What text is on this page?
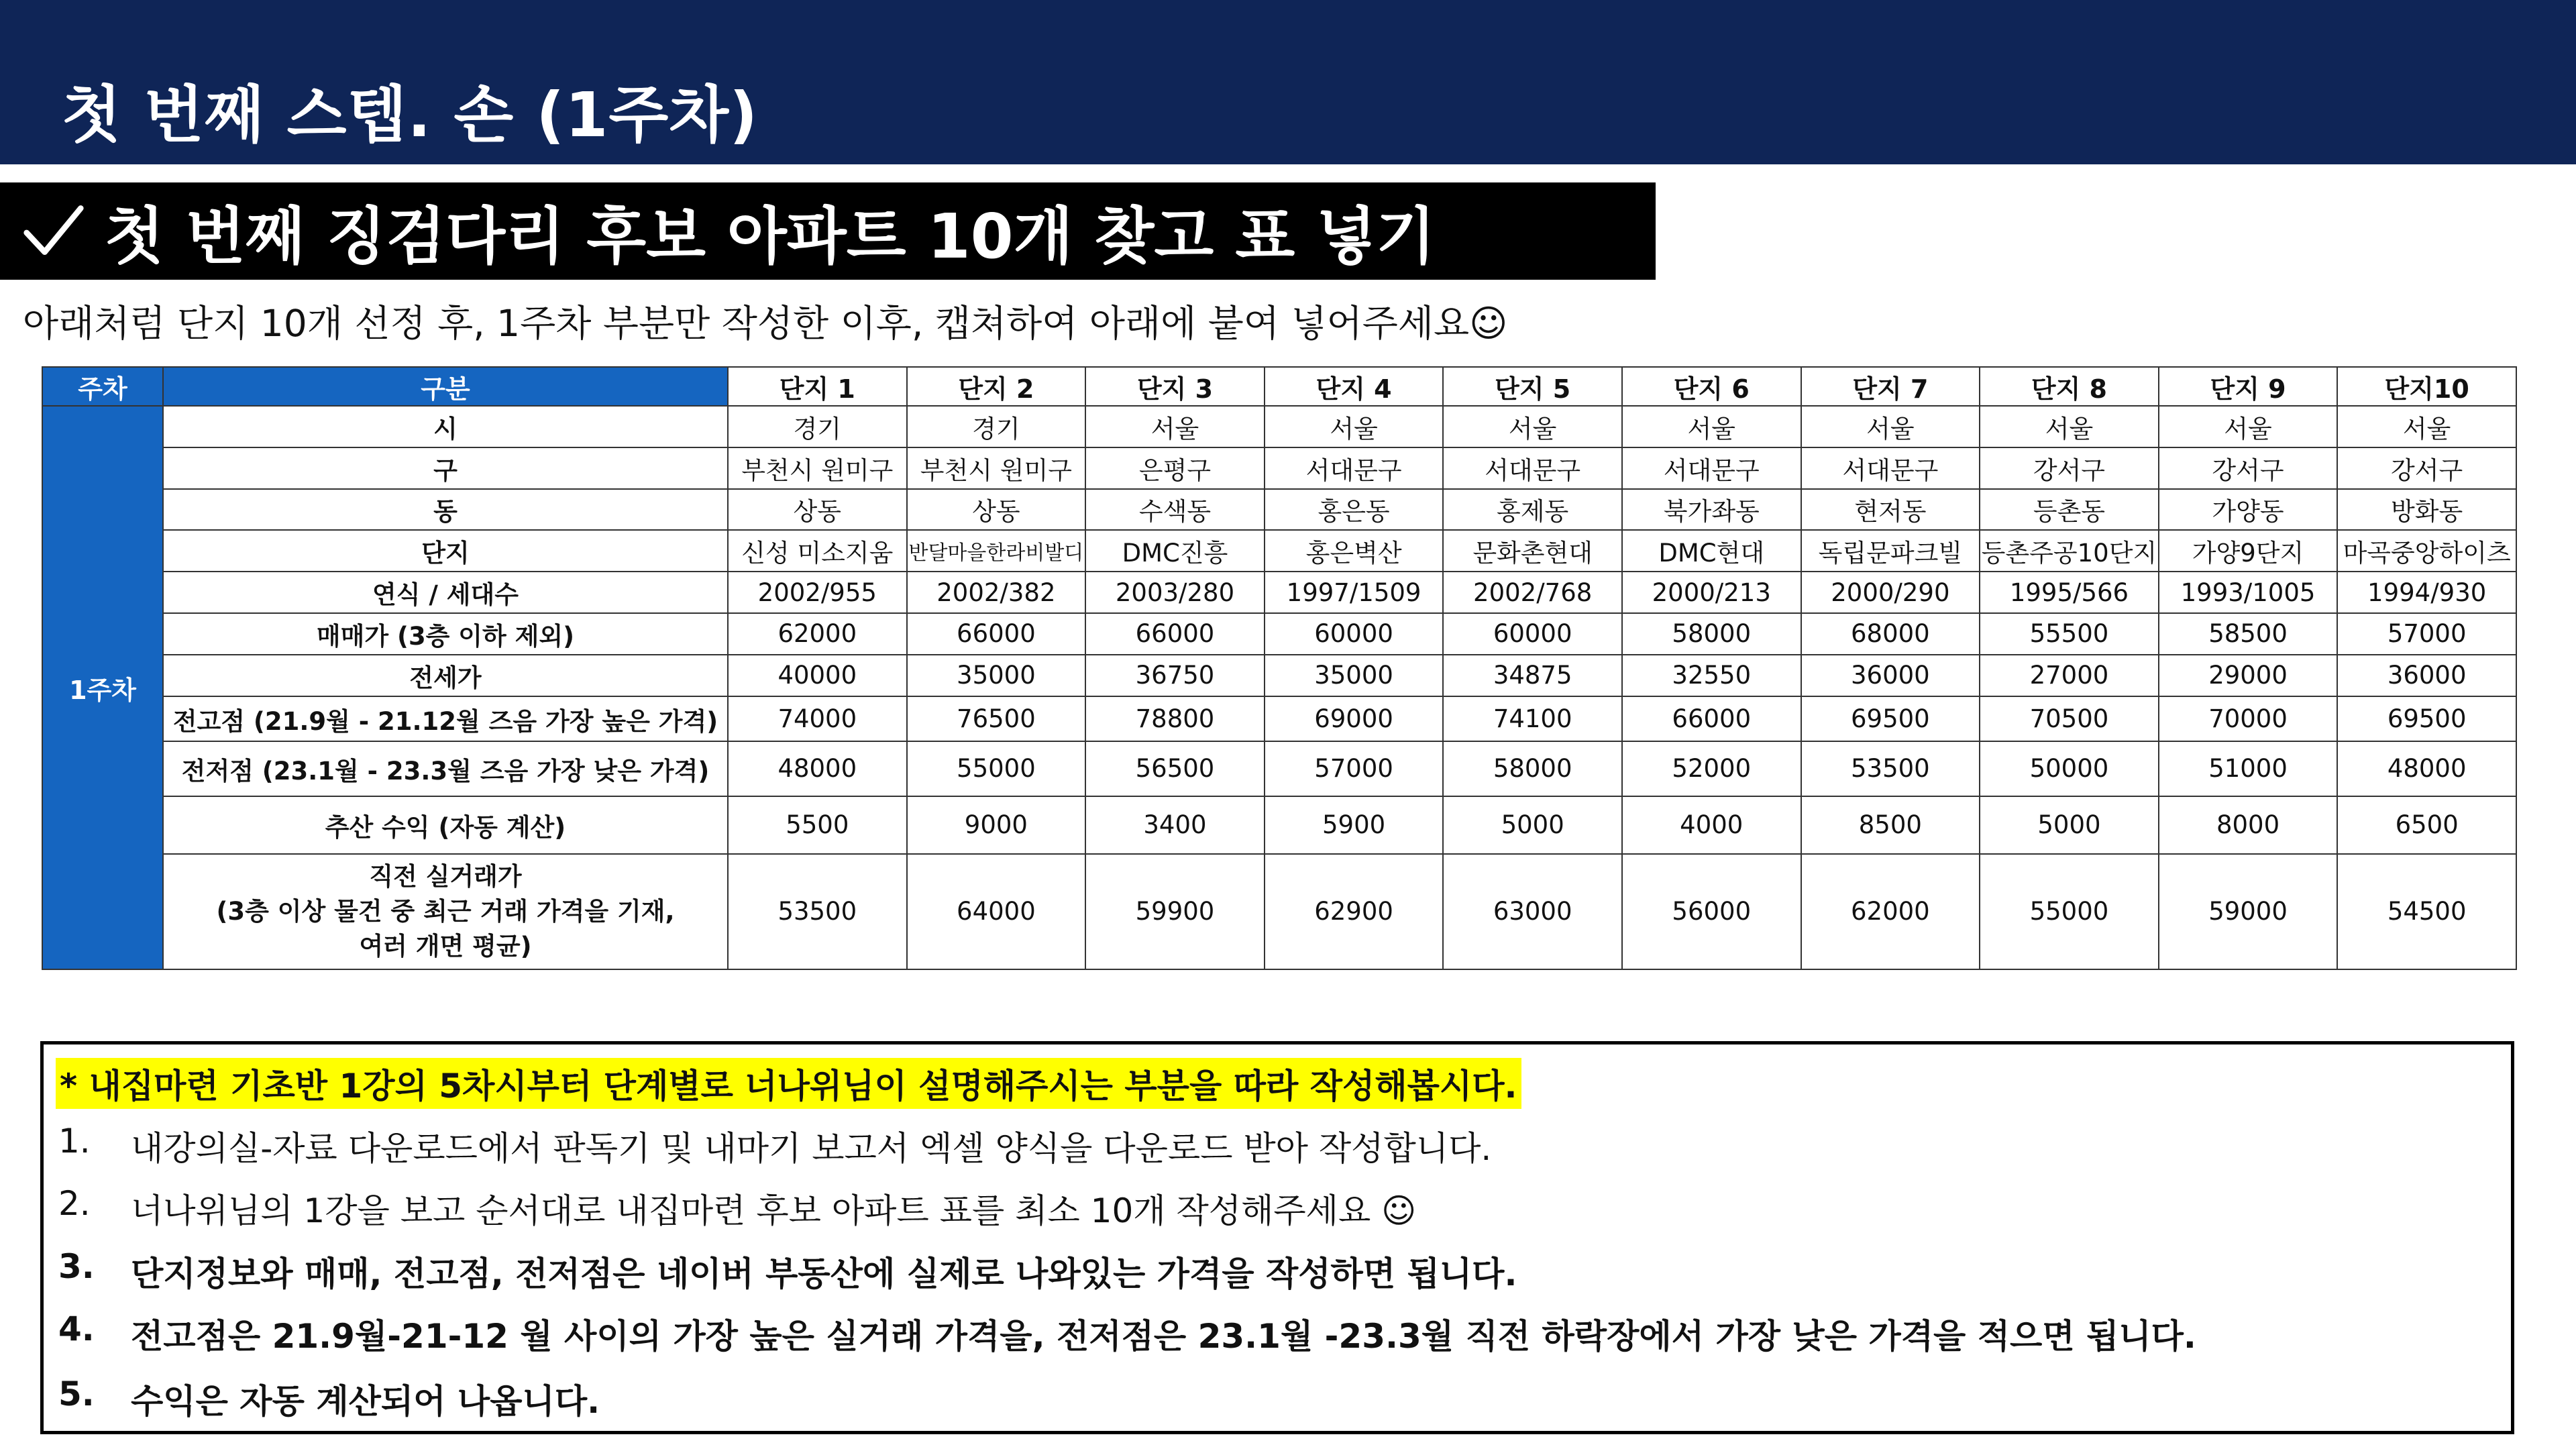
첫 번째 스텝. 손 (1주차)
첫 번째 징검다리 후보 아파트 10개 찾고 표 넣기
아래처럼 단지 10개 선정 후, 1주차 부분만 작성한 이후, 캡쳐하여 아래에 붙여 넣어주세요☺
주차	구분	단지 1	단지 2	단지 3	단지 4	단지 5	단지 6	단지 7	단지 8	단지 9	단지10
1주차	시	경기	경기	서울	서울	서울	서울	서울	서울	서울	서울
	구	부천시 원미구	부천시 원미구	은평구	서대문구	서대문구	서대문구	서대문구	강서구	강서구	강서구
	동	상동	상동	수색동	홍은동	홍제동	북가좌동	현저동	등촌동	가양동	방화동
	단지	신성 미소지움	반달마을한라비발디	DMC진흥	홍은벽산	문화촌현대	DMC현대	독립문파크빌	등촌주공10단지	가양9단지	마곡중앙하이츠
	연식 / 세대수	2002/955	2002/382	2003/280	1997/1509	2002/768	2000/213	2000/290	1995/566	1993/1005	1994/930
	매매가 (3층 이하 제외)	62000	66000	66000	60000	60000	58000	68000	55500	58500	57000
	전세가	40000	35000	36750	35000	34875	32550	36000	27000	29000	36000
	전고점 (21.9월 - 21.12월 즈음 가장 높은 가격)	74000	76500	78800	69000	74100	66000	69500	70500	70000	69500
	전저점 (23.1월 - 23.3월 즈음 가장 낮은 가격)	48000	55000	56500	57000	58000	52000	53500	50000	51000	48000
	추산 수익 (자동 계산)	5500	9000	3400	5900	5000	4000	8500	5000	8000	6500

	직전 실거래가
(3층 이상 물건 중 최근 거래 가격을 기재,
여러 개면 평균)	53500	64000	59900	62900	63000	56000	62000	55000	59000	54500
* 내집마련 기초반 1강의 5차시부터 단계별로 너나위님이 설명해주시는 부분을 따라 작성해봅시다.
1.	내강의실-자료 다운로드에서 판독기 및 내마기 보고서 엑셀 양식을 다운로드 받아 작성합니다.
2.	너나위님의 1강을 보고 순서대로 내집마련 후보 아파트 표를 최소 10개 작성해주세요 ☺
3.	단지정보와 매매, 전고점, 전저점은 네이버 부동산에 실제로 나와있는 가격을 작성하면 됩니다.
4.	전고점은 21.9월-21-12 월 사이의 가장 높은 실거래 가격을, 전저점은 23.1월 -23.3월 직전 하락장에서 가장 낮은 가격을 적으면 됩니다.
5.	수익은 자동 계산되어 나옵니다.
